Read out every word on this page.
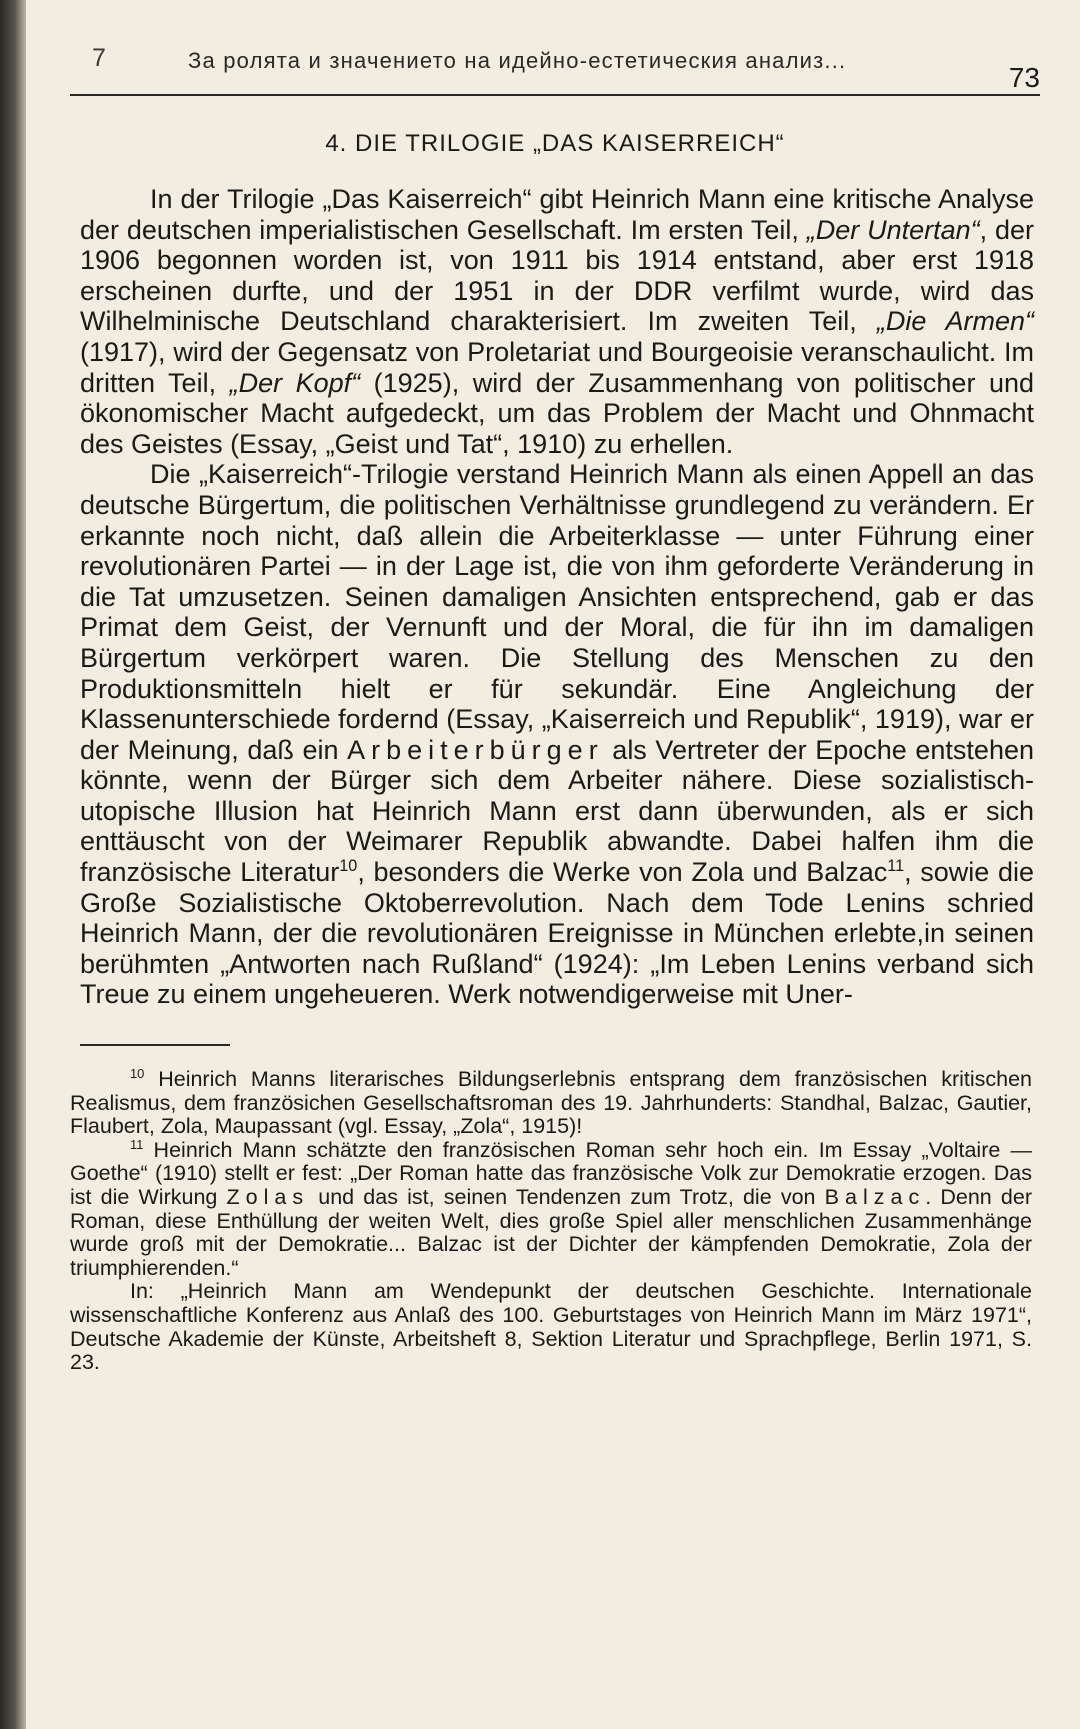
7	За ролята и значението на идейно-естетическия анализ...
73
4. DIE TRILOGIE „DAS KAISERREICH“

In der Trilogie „Das Kaiserreich“ gibt Heinrich Mann eine kritische Analyse der deutschen imperialistischen Gesellschaft. Im ersten Teil, „Der Untertan“, der 1906 begonnen worden ist, von 1911 bis 1914 entstand, aber erst 1918 erscheinen durfte, und der 1951 in der DDR verfilmt wurde, wird das Wilhelminische Deutschland charakterisiert. Im zweiten Teil, „Die Armen“ (1917), wird der Gegensatz von Proletariat und Bourgeoisie veranschaulicht. Im dritten Teil, „Der Kopf“ (1925), wird der Zusammenhang von politischer und ökonomischer Macht aufgedeckt, um das Problem der Macht und Ohnmacht des Geistes (Essay, „Geist und Tat“, 1910) zu erhellen.

Die „Kaiserreich“-Trilogie verstand Heinrich Mann als einen Appell an das deutsche Bürgertum, die politischen Verhältnisse grundlegend zu verändern. Er erkannte noch nicht, daß allein die Arbeiterklasse — unter Führung einer revolutionären Partei — in der Lage ist, die von ihm geforderte Veränderung in die Tat umzusetzen. Seinen damaligen Ansichten entsprechend, gab er das Primat dem Geist, der Vernunft und der Moral, die für ihn im damaligen Bürgertum verkörpert waren. Die Stellung des Menschen zu den Produktionsmitteln hielt er für sekundär. Eine Angleichung der Klassenunterschiede fordernd (Essay, „Kaiserreich und Republik“, 1919), war er der Meinung, daß ein Arbeiterbürger als Vertreter der Epoche entstehen könnte, wenn der Bürger sich dem Arbeiter nähere. Diese sozialistisch-utopische Illusion hat Heinrich Mann erst dann überwunden, als er sich enttäuscht von der Weimarer Republik abwandte. Dabei halfen ihm die französische Literatur$^{10}$, besonders die Werke von Zola und Balzac$^{11}$, sowie die Große Sozialistische Oktoberrevolution. Nach dem Tode Lenins schried Heinrich Mann, der die revolutionären Ereignisse in München erlebte,in seinen berühmten „Antworten nach Rußland“ (1924): „Im Leben Lenins verband sich Treue zu einem ungeheueren. Werk notwendigerweise mit Uner-

$^{10}$ Heinrich Manns literarisches Bildungserlebnis entsprang dem französischen kritischen Realismus, dem französichen Gesellschaftsroman des 19. Jahrhunderts: Standhal, Balzac, Gautier, Flaubert, Zola, Maupassant (vgl. Essay, „Zola“, 1915)!

$^{11}$ Heinrich Mann schätzte den französischen Roman sehr hoch ein. Im Essay „Voltaire — Goethe“ (1910) stellt er fest: „Der Roman hatte das französische Volk zur Demokratie erzogen. Das ist die Wirkung Zolas und das ist, seinen Tendenzen zum Trotz, die von Balzac. Denn der Roman, diese Enthüllung der weiten Welt, dies große Spiel aller menschlichen Zusammenhänge wurde groß mit der Demokratie... Balzac ist der Dichter der kämpfenden Demokratie, Zola der triumphierenden.“

In: „Heinrich Mann am Wendepunkt der deutschen Geschichte. Internationale wissenschaftliche Konferenz aus Anlaß des 100. Geburtstages von Heinrich Mann im März 1971“, Deutsche Akademie der Künste, Arbeitsheft 8, Sektion Literatur und Sprachpflege, Berlin 1971, S. 23.
